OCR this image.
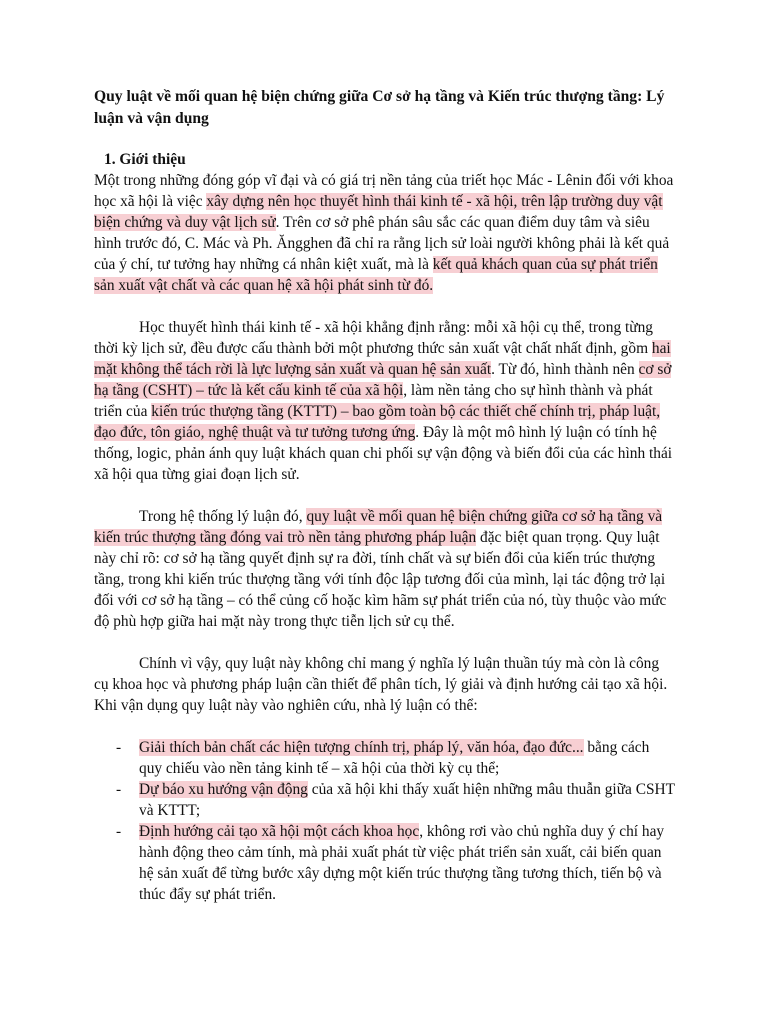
Quy luật về mối quan hệ biện chứng giữa Cơ sở hạ tầng và Kiến trúc thượng tầng: Lý luận và vận dụng
1. Giới thiệu

Một trong những đóng góp vĩ đại và có giá trị nền tảng của triết học Mác - Lênin đối với khoa học xã hội là việc xây dựng nên học thuyết hình thái kinh tế - xã hội, trên lập trường duy vật biện chứng và duy vật lịch sử. Trên cơ sở phê phán sâu sắc các quan điểm duy tâm và siêu hình trước đó, C. Mác và Ph. Ăngghen đã chỉ ra rằng lịch sử loài người không phải là kết quả của ý chí, tư tưởng hay những cá nhân kiệt xuất, mà là kết quả khách quan của sự phát triển sản xuất vật chất và các quan hệ xã hội phát sinh từ đó.

Học thuyết hình thái kinh tế - xã hội khẳng định rằng: mỗi xã hội cụ thể, trong từng thời kỳ lịch sử, đều được cấu thành bởi một phương thức sản xuất vật chất nhất định, gồm hai mặt không thể tách rời là lực lượng sản xuất và quan hệ sản xuất. Từ đó, hình thành nên cơ sở hạ tầng (CSHT) – tức là kết cấu kinh tế của xã hội, làm nền tảng cho sự hình thành và phát triển của kiến trúc thượng tầng (KTTT) – bao gồm toàn bộ các thiết chế chính trị, pháp luật, đạo đức, tôn giáo, nghệ thuật và tư tưởng tương ứng. Đây là một mô hình lý luận có tính hệ thống, logic, phản ánh quy luật khách quan chi phối sự vận động và biến đổi của các hình thái xã hội qua từng giai đoạn lịch sử.

Trong hệ thống lý luận đó, quy luật về mối quan hệ biện chứng giữa cơ sở hạ tầng và kiến trúc thượng tầng đóng vai trò nền tảng phương pháp luận đặc biệt quan trọng. Quy luật này chỉ rõ: cơ sở hạ tầng quyết định sự ra đời, tính chất và sự biến đổi của kiến trúc thượng tầng, trong khi kiến trúc thượng tầng với tính độc lập tương đối của mình, lại tác động trở lại đối với cơ sở hạ tầng – có thể củng cố hoặc kìm hãm sự phát triển của nó, tùy thuộc vào mức độ phù hợp giữa hai mặt này trong thực tiễn lịch sử cụ thể.

Chính vì vậy, quy luật này không chỉ mang ý nghĩa lý luận thuần túy mà còn là công cụ khoa học và phương pháp luận cần thiết để phân tích, lý giải và định hướng cải tạo xã hội. Khi vận dụng quy luật này vào nghiên cứu, nhà lý luận có thể:

- Giải thích bản chất các hiện tượng chính trị, pháp lý, văn hóa, đạo đức... bằng cách quy chiếu vào nền tảng kinh tế – xã hội của thời kỳ cụ thể;
- Dự báo xu hướng vận động của xã hội khi thấy xuất hiện những mâu thuẫn giữa CSHT và KTTT;
- Định hướng cải tạo xã hội một cách khoa học, không rơi vào chủ nghĩa duy ý chí hay hành động theo cảm tính, mà phải xuất phát từ việc phát triển sản xuất, cải biến quan hệ sản xuất để từng bước xây dựng một kiến trúc thượng tầng tương thích, tiến bộ và thúc đẩy sự phát triển.
